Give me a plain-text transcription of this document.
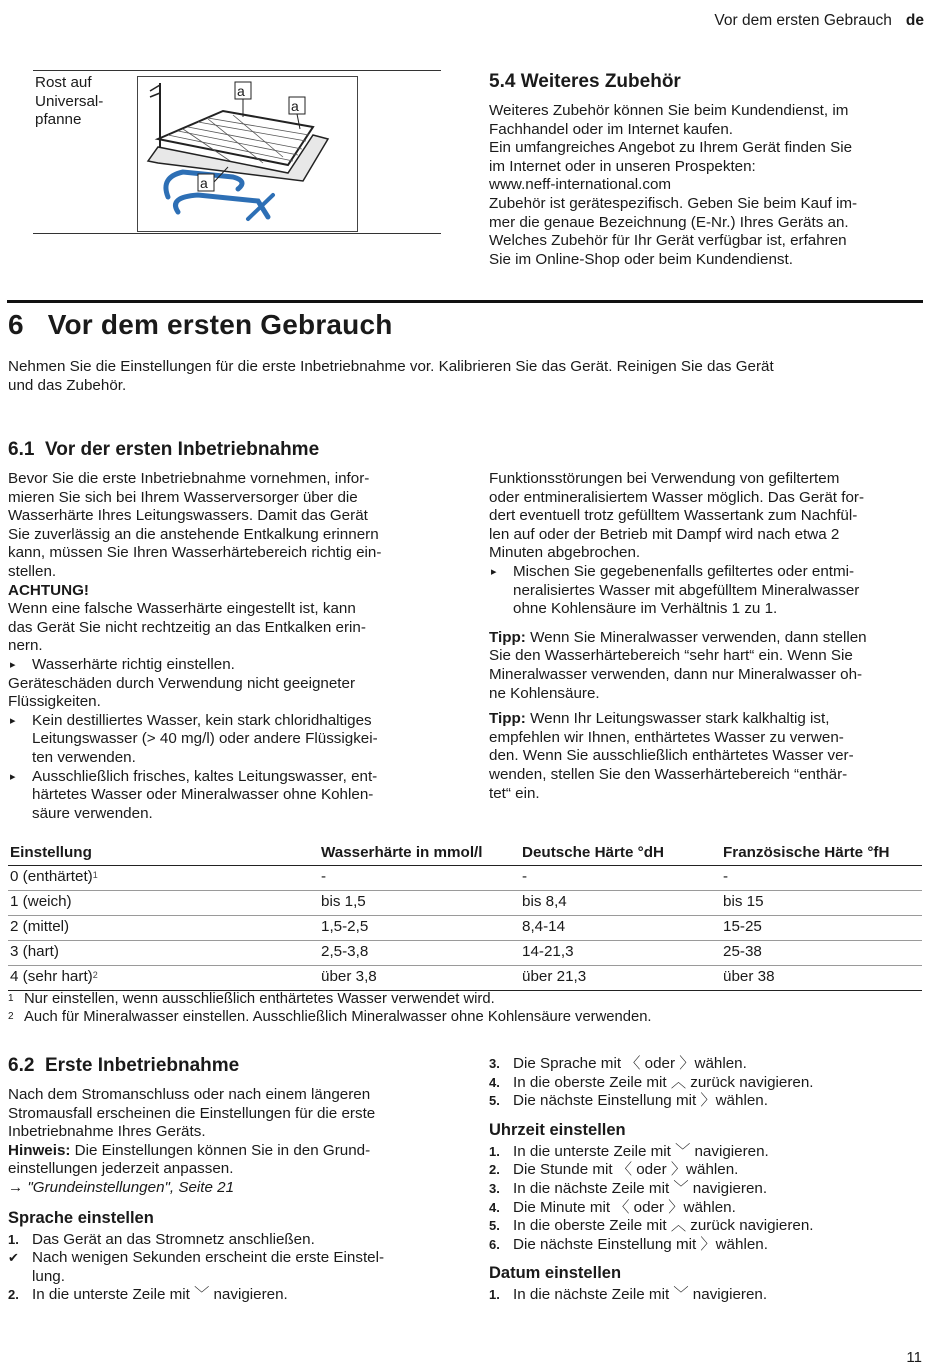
Vor dem ersten Gebrauch de
Rost auf
Universal-
pfanne
a
a
a
5.4 Weiteres Zubehör
Weiteres Zubehör können Sie beim Kundendienst, im
Fachhandel oder im Internet kaufen.
Ein umfangreiches Angebot zu Ihrem Gerät finden Sie
im Internet oder in unseren Prospekten:
www.neff-international.com
Zubehör ist gerätespezifisch. Geben Sie beim Kauf im-
mer die genaue Bezeichnung (E-Nr.) Ihres Geräts an.
Welches Zubehör für Ihr Gerät verfügbar ist, erfahren
Sie im Online-Shop oder beim Kundendienst.
6   Vor dem ersten Gebrauch
Nehmen Sie die Einstellungen für die erste Inbetriebnahme vor. Kalibrieren Sie das Gerät. Reinigen Sie das Gerät
und das Zubehör.
6.1  Vor der ersten Inbetriebnahme
Bevor Sie die erste Inbetriebnahme vornehmen, infor-
mieren Sie sich bei Ihrem Wasserversorger über die
Wasserhärte Ihres Leitungswassers. Damit das Gerät
Sie zuverlässig an die anstehende Entkalkung erinnern
kann, müssen Sie Ihren Wasserhärtebereich richtig ein-
stellen.
ACHTUNG!
Wenn eine falsche Wasserhärte eingestellt ist, kann
das Gerät Sie nicht rechtzeitig an das Entkalken erin-
nern.
▸ Wasserhärte richtig einstellen.
Geräteschäden durch Verwendung nicht geeigneter
Flüssigkeiten.
▸ Kein destilliertes Wasser, kein stark chloridhaltiges
Leitungswasser (> 40 mg/l) oder andere Flüssigkei-
ten verwenden.
▸ Ausschließlich frisches, kaltes Leitungswasser, ent-
härtetes Wasser oder Mineralwasser ohne Kohlen-
säure verwenden.
Funktionsstörungen bei Verwendung von gefiltertem
oder entmineralisiertem Wasser möglich. Das Gerät for-
dert eventuell trotz gefülltem Wassertank zum Nachfül-
len auf oder der Betrieb mit Dampf wird nach etwa 2
Minuten abgebrochen.
▸ Mischen Sie gegebenenfalls gefiltertes oder entmi-
neralisiertes Wasser mit abgefülltem Mineralwasser
ohne Kohlensäure im Verhältnis 1 zu 1.
Tipp: Wenn Sie Mineralwasser verwenden, dann stellen
Sie den Wasserhärtebereich “sehr hart“ ein. Wenn Sie
Mineralwasser verwenden, dann nur Mineralwasser oh-
ne Kohlensäure.
Tipp: Wenn Ihr Leitungswasser stark kalkhaltig ist,
empfehlen wir Ihnen, enthärtetes Wasser zu verwen-
den. Wenn Sie ausschließlich enthärtetes Wasser ver-
wenden, stellen Sie den Wasserhärtebereich “enthär-
tet“ ein.
Einstellung	Wasserhärte in mmol/l	Deutsche Härte °dH	Französische Härte °fH
0 (enthärtet)$^1$	-	-	-
1 (weich)	bis 1,5	bis 8,4	bis 15
2 (mittel)	1,5-2,5	8,4-14	15-25
3 (hart)	2,5-3,8	14-21,3	25-38
4 (sehr hart)$^2$	über 3,8	über 21,3	über 38
1 Nur einstellen, wenn ausschließlich enthärtetes Wasser verwendet wird.
2 Auch für Mineralwasser einstellen. Ausschließlich Mineralwasser ohne Kohlensäure verwenden.
6.2  Erste Inbetriebnahme
Nach dem Stromanschluss oder nach einem längeren
Stromausfall erscheinen die Einstellungen für die erste
Inbetriebnahme Ihres Geräts.
Hinweis: Die Einstellungen können Sie in den Grund-
einstellungen jederzeit anpassen.
→ "Grundeinstellungen", Seite 21
Sprache einstellen
1. Das Gerät an das Stromnetz anschließen.
✔ Nach wenigen Sekunden erscheint die erste Einstel-
lung.
2. In die unterste Zeile mit ﹀ navigieren.
3. Die Sprache mit 〈 oder 〉wählen.
4. In die oberste Zeile mit ︿ zurück navigieren.
5. Die nächste Einstellung mit 〉wählen.
Uhrzeit einstellen
1. In die unterste Zeile mit ﹀ navigieren.
2. Die Stunde mit 〈 oder 〉wählen.
3. In die nächste Zeile mit ﹀ navigieren.
4. Die Minute mit 〈 oder 〉wählen.
5. In die oberste Zeile mit ︿ zurück navigieren.
6. Die nächste Einstellung mit 〉wählen.
Datum einstellen
1. In die nächste Zeile mit ﹀ navigieren.
11
